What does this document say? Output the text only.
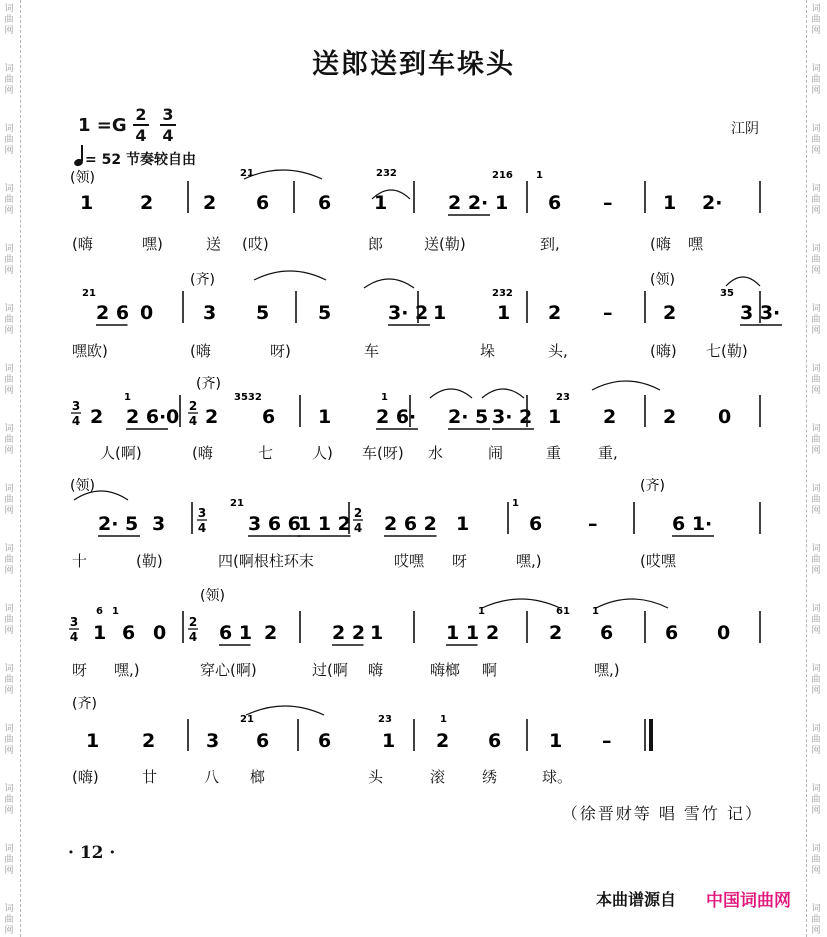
词
曲
网
词
曲
网
词
曲
网
词
曲
网
词
曲
网
词
曲
网
词
曲
网
词
曲
网
词
曲
网
词
曲
网
词
曲
网
词
曲
网
词
曲
网
词
曲
网
词
曲
网
词
曲
网
词
曲
网
词
曲
网
词
曲
网
词
曲
网
词
曲
网
词
曲
网
词
曲
网
词
曲
网
词
曲
网
词
曲
网
词
曲
网
词
曲
网
词
曲
网
词
曲
网
词
曲
网
词
曲
网
送郎送到车垛头
1 =G
2
4
3
4	江阴
= 52 节奏较自由
1 2	2 6	6 1	2 2· 1 6 –	1 2·
(领)
2 6 0	3 5	5	3· 2 1	1 2 –	2	3 3·
(齐)	(领)
3
4 2 2 6· 0 2
4 2 6 1 2 6· 2· 5 3· 2 1 2 2 0
(齐)
2· 5 3	3
4 3 6 6
1 1 2 2
4 2 6 2 1	6 –	6 1·
(领)	(齐)
3
4 1 6 0 2
4 6 1 2	2 2 1	1 1 2	2 6	6 0
(领)
1 2	3 6	6	1 2 6	1 –
(齐)
21	232	216 1
21	232	35
1	3532	1	23
21	1
6 1	1	61 1
21	23	1
(嗨	嘿)	送 (哎)	郎	送(勒)	到,	(嗨 嘿
嘿欧)	(嗨	呀)	车	垛	头,	(嗨) 七(勒)
人(啊)	(嗨	七	人) 车(呀) 水	闹	重 重,
十	(勒)	四(啊根柱环末	哎嘿 呀	嘿,)	(哎嘿
呀 嘿,)	穿心(啊)	过(啊 嗨	嗨榔 啊	嘿,)
(嗨)	廿	八 榔	头	滚 绣	球。
（徐晋财等 唱 雪竹 记）
· 12 ·
本曲谱源自 中国词曲网
